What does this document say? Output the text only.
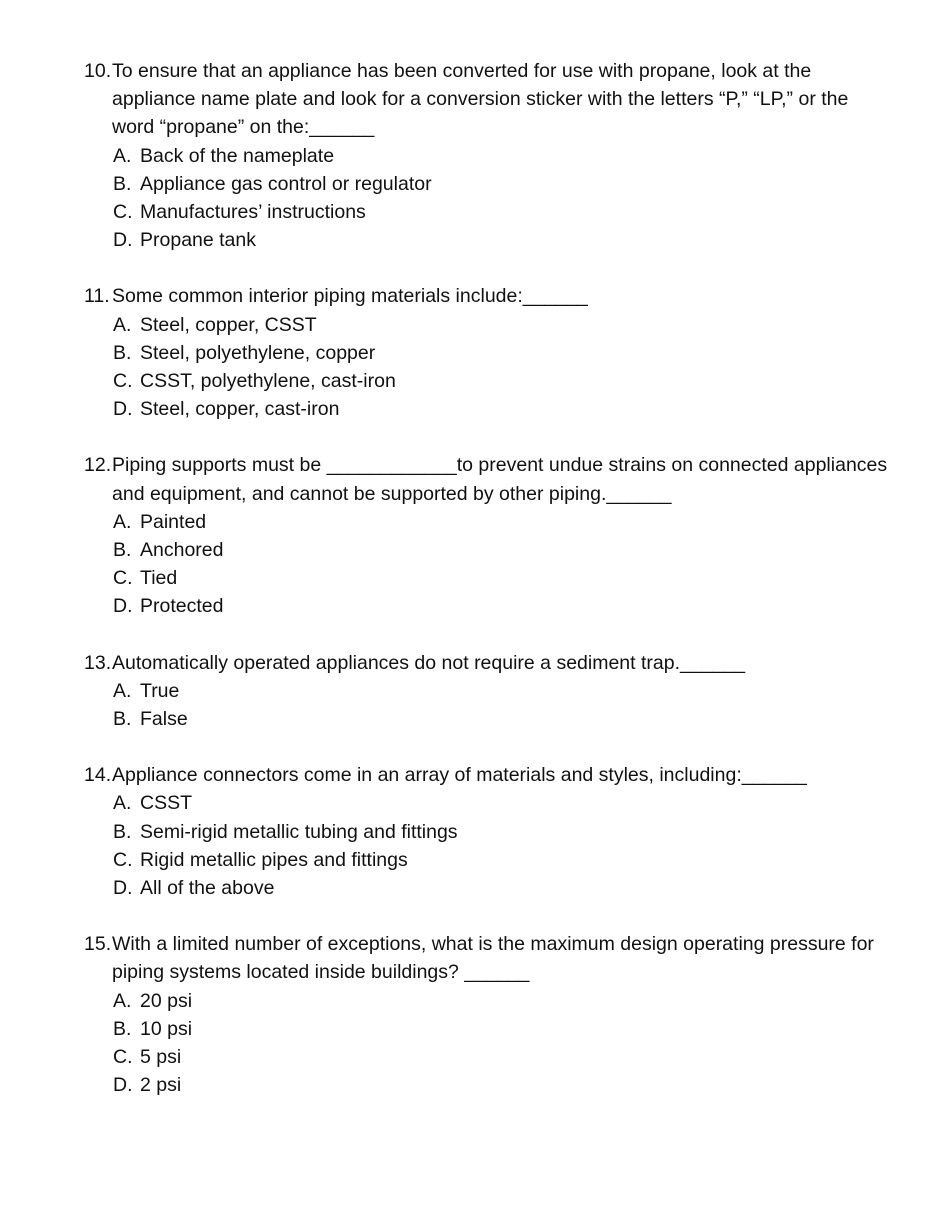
10. To ensure that an appliance has been converted for use with propane, look at the appliance name plate and look for a conversion sticker with the letters “P,” “LP,” or the word “propane” on the:______
A. Back of the nameplate
B. Appliance gas control or regulator
C. Manufactures’ instructions
D. Propane tank
11. Some common interior piping materials include:______
A. Steel, copper, CSST
B. Steel, polyethylene, copper
C. CSST, polyethylene, cast-iron
D. Steel, copper, cast-iron
12. Piping supports must be ____________to prevent undue strains on connected appliances and equipment, and cannot be supported by other piping.______
A. Painted
B. Anchored
C. Tied
D. Protected
13. Automatically operated appliances do not require a sediment trap.______
A. True
B. False
14. Appliance connectors come in an array of materials and styles, including:______
A. CSST
B. Semi-rigid metallic tubing and fittings
C. Rigid metallic pipes and fittings
D. All of the above
15. With a limited number of exceptions, what is the maximum design operating pressure for piping systems located inside buildings? ______
A. 20 psi
B. 10 psi
C. 5 psi
D. 2 psi
